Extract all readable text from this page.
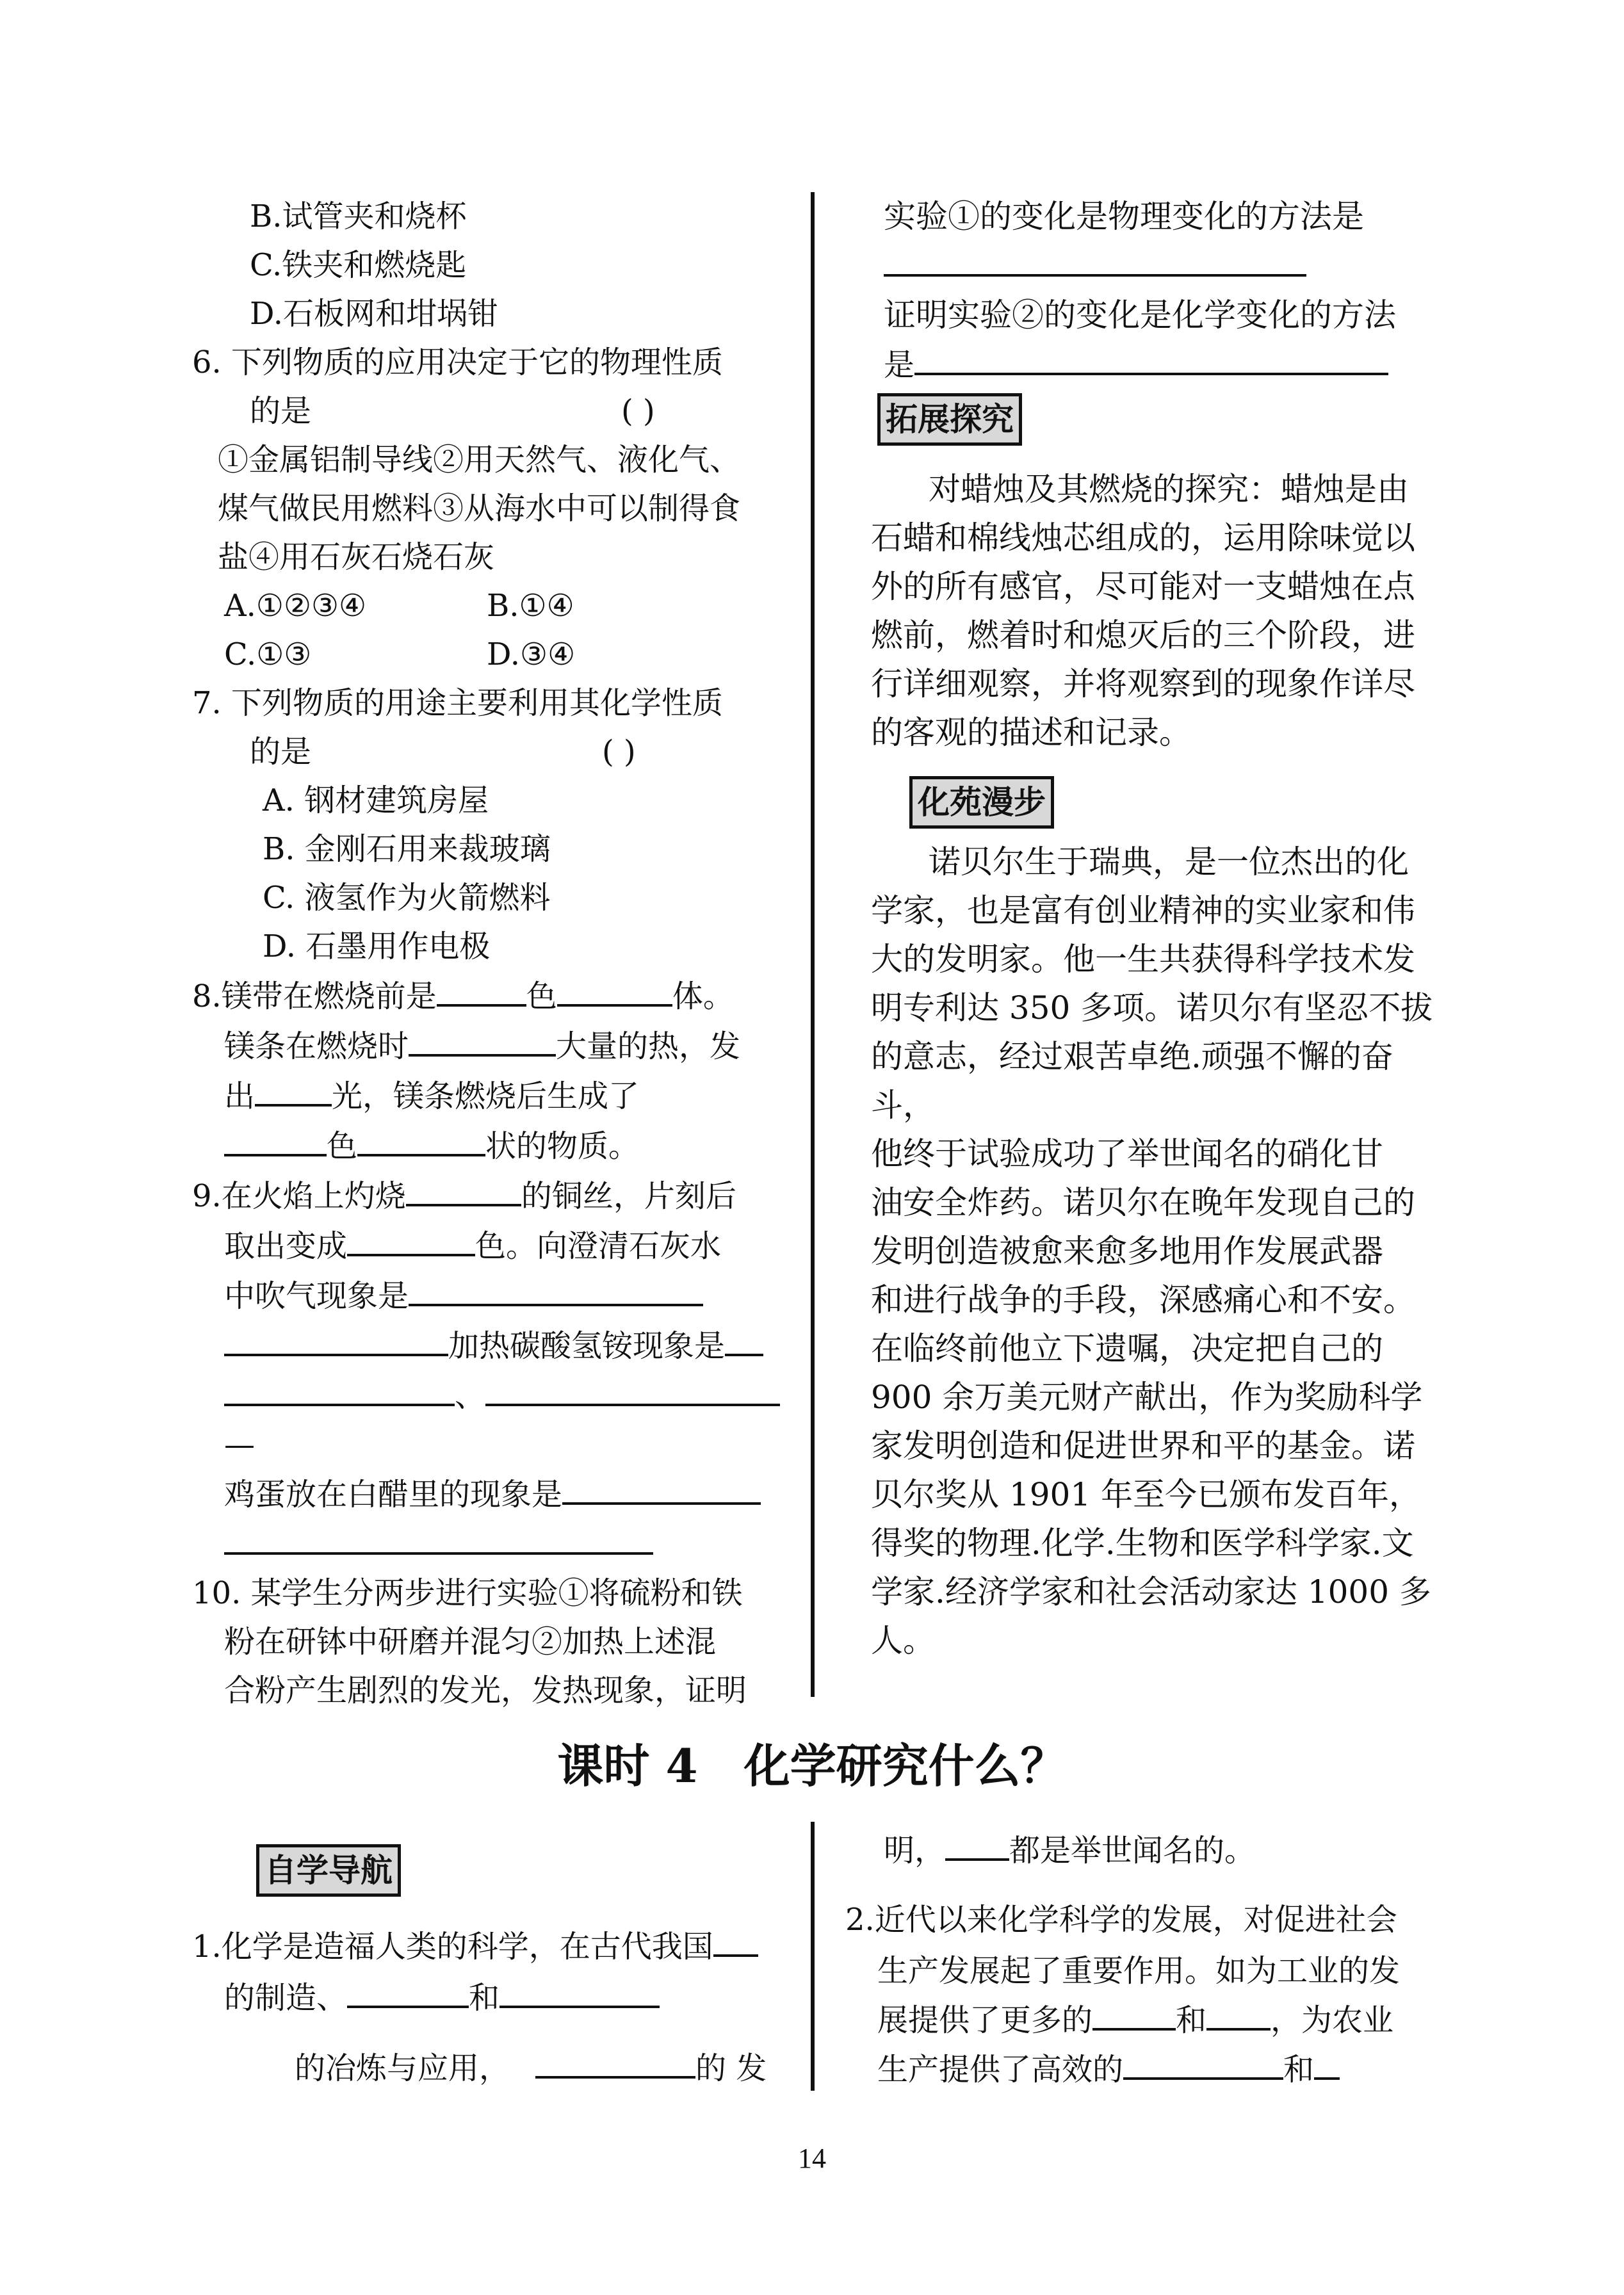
B.试管夹和烧杯
C.铁夹和燃烧匙
D.石板网和坩埚钳
6. 下列物质的应用决定于它的物理性质
的是	( )
①金属铝制导线②用天然气、液化气、
煤气做民用燃料③从海水中可以制得食
盐④用石灰石烧石灰
A.①②③④	B.①④
C.①③	D.③④
7. 下列物质的用途主要利用其化学性质
的是	( )
A. 钢材建筑房屋
B. 金刚石用来裁玻璃
C. 液氢作为火箭燃料
D. 石墨用作电极
8.镁带在燃烧前是	色	体。
镁条在燃烧时	大量的热，发
出	光，镁条燃烧后生成了
色	状的物质。
9.在火焰上灼烧	的铜丝，片刻后
取出变成	色。向澄清石灰水
中吹气现象是
加热碳酸氢铵现象是
、
—
鸡蛋放在白醋里的现象是
10. 某学生分两步进行实验①将硫粉和铁
粉在研钵中研磨并混匀②加热上述混
合粉产生剧烈的发光，发热现象，证明
实验①的变化是物理变化的方法是
证明实验②的变化是化学变化的方法
是
拓展探究
对蜡烛及其燃烧的探究：蜡烛是由
石蜡和棉线烛芯组成的，运用除味觉以
外的所有感官，尽可能对一支蜡烛在点
燃前，燃着时和熄灭后的三个阶段，进
行详细观察，并将观察到的现象作详尽
的客观的描述和记录。
化苑漫步
诺贝尔生于瑞典，是一位杰出的化
学家，也是富有创业精神的实业家和伟
大的发明家。他一生共获得科学技术发
明专利达 350 多项。诺贝尔有坚忍不拔
的意志，经过艰苦卓绝.顽强不懈的奋斗，
他终于试验成功了举世闻名的硝化甘
油安全炸药。诺贝尔在晚年发现自己的
发明创造被愈来愈多地用作发展武器
和进行战争的手段，深感痛心和不安。
在临终前他立下遗嘱，决定把自己的
900 余万美元财产献出，作为奖励科学
家发明创造和促进世界和平的基金。诺
贝尔奖从 1901 年至今已颁布发百年，
得奖的物理.化学.生物和医学科学家.文
学家.经济学家和社会活动家达 1000 多
人。
课时 4　化学研究什么？
自学导航
1.化学是造福人类的科学，在古代我国
的制造、	和
的冶炼与应用，	的 发
明， 都是举世闻名的。
2.近代以来化学科学的发展，对促进社会
生产发展起了重要作用。如为工业的发
展提供了更多的	和 ，为农业
生产提供了高效的	和
14
